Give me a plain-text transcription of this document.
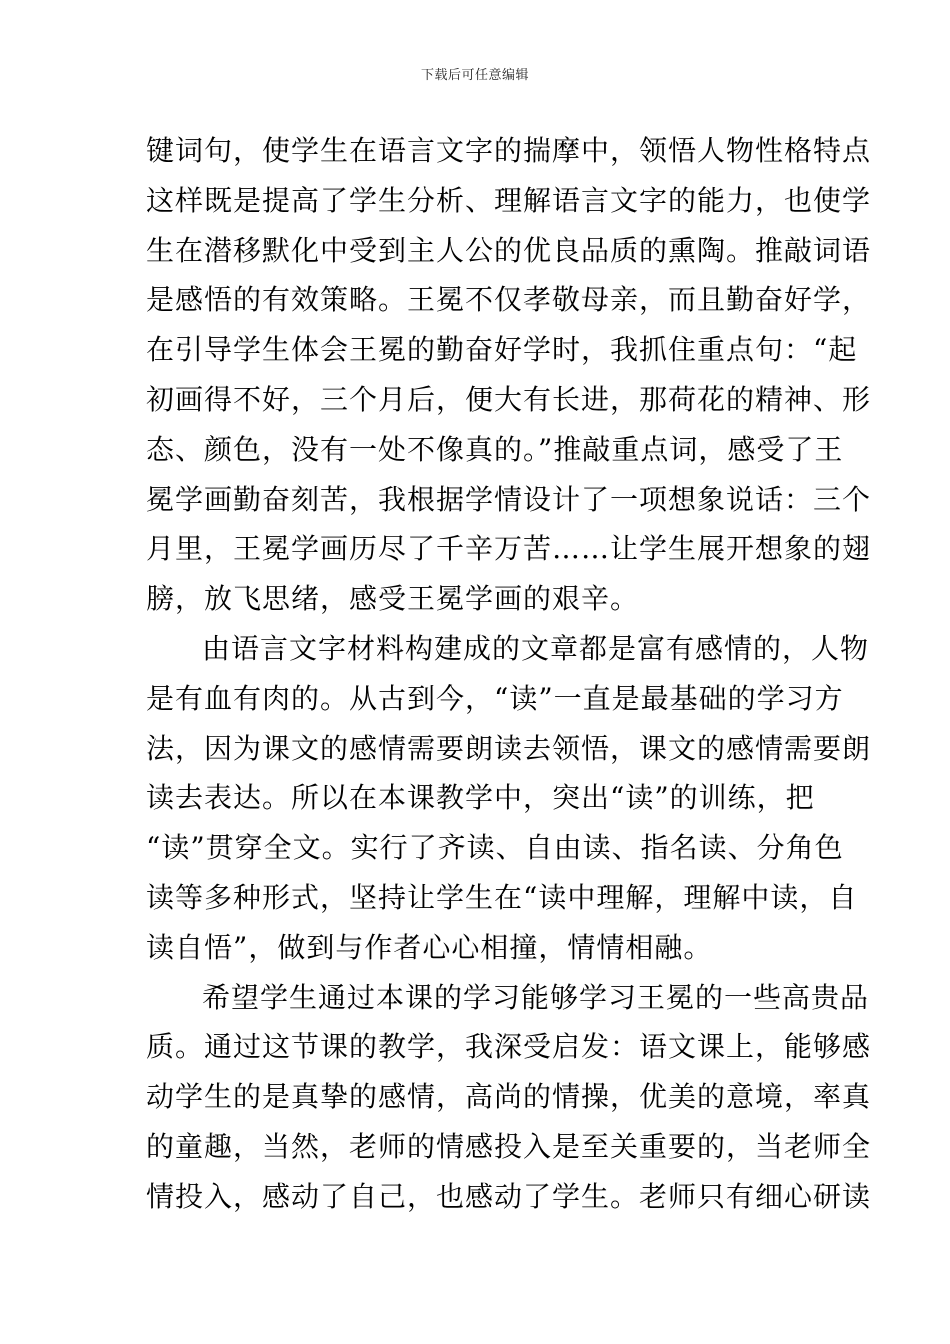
下载后可任意编辑
键词句，使学生在语言文字的揣摩中，领悟人物性格特点
这样既是提高了学生分析、理解语言文字的能力，也使学
生在潜移默化中受到主人公的优良品质的熏陶。推敲词语
是感悟的有效策略。王冕不仅孝敬母亲，而且勤奋好学，
在引导学生体会王冕的勤奋好学时，我抓住重点句：“起
初画得不好，三个月后，便大有长进，那荷花的精神、形
态、颜色，没有一处不像真的。”推敲重点词，感受了王
冕学画勤奋刻苦，我根据学情设计了一项想象说话：三个
月里，王冕学画历尽了千辛万苦……让学生展开想象的翅
膀，放飞思绪，感受王冕学画的艰辛。
由语言文字材料构建成的文章都是富有感情的，人物
是有血有肉的。从古到今，“读”一直是最基础的学习方
法，因为课文的感情需要朗读去领悟，课文的感情需要朗
读去表达。所以在本课教学中，突出“读”的训练，把
“读”贯穿全文。实行了齐读、自由读、指名读、分角色
读等多种形式，坚持让学生在“读中理解，理解中读，自
读自悟”，做到与作者心心相撞，情情相融。
希望学生通过本课的学习能够学习王冕的一些高贵品
质。通过这节课的教学，我深受启发：语文课上，能够感
动学生的是真挚的感情，高尚的情操，优美的意境，率真
的童趣，当然，老师的情感投入是至关重要的，当老师全
情投入，感动了自己，也感动了学生。老师只有细心研读
